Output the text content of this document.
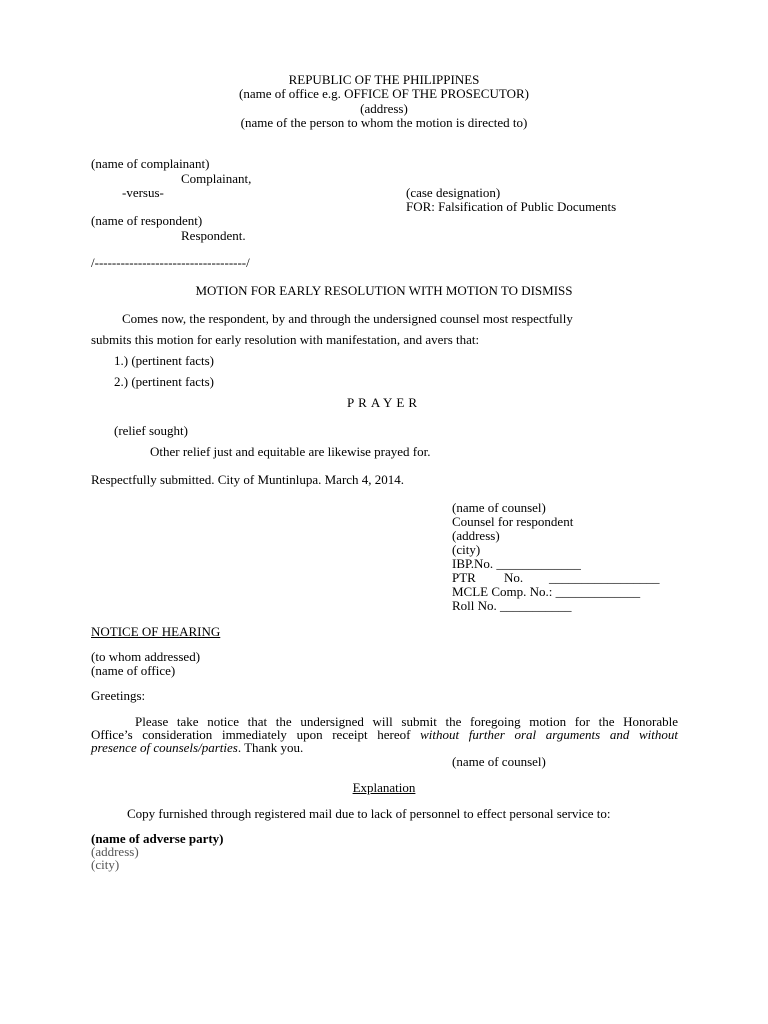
REPUBLIC OF THE PHILIPPINES
(name of office e.g. OFFICE OF THE PROSECUTOR)
(address)
(name of the person to whom the motion is directed to)
(name of complainant)
Complainant,
-versus-	(case designation)
FOR: Falsification of Public Documents
(name of respondent)
Respondent.
/-----------------------------------/
MOTION FOR EARLY RESOLUTION WITH MOTION TO DISMISS
Comes now, the respondent, by and through the undersigned counsel most respectfully
submits this motion for early resolution with manifestation, and avers that:
1.) (pertinent facts)
2.) (pertinent facts)
PRAYER
(relief sought)
Other relief just and equitable are likewise prayed for.
Respectfully submitted. City of Muntinlupa. March 4, 2014.
(name of counsel)
Counsel for respondent
(address)
(city)
IBP.No. _____________
PTR No. _________________
MCLE Comp. No.: _____________
Roll No. ___________
NOTICE OF HEARING
(to whom addressed)
(name of office)
Greetings:
Please take notice that the undersigned will submit the foregoing motion for the Honorable
Office’s consideration immediately upon receipt hereof without further oral arguments and without
presence of counsels/parties. Thank you.
(name of counsel)
Explanation
Copy furnished through registered mail due to lack of personnel to effect personal service to:
(name of adverse party)
(address)
(city)
